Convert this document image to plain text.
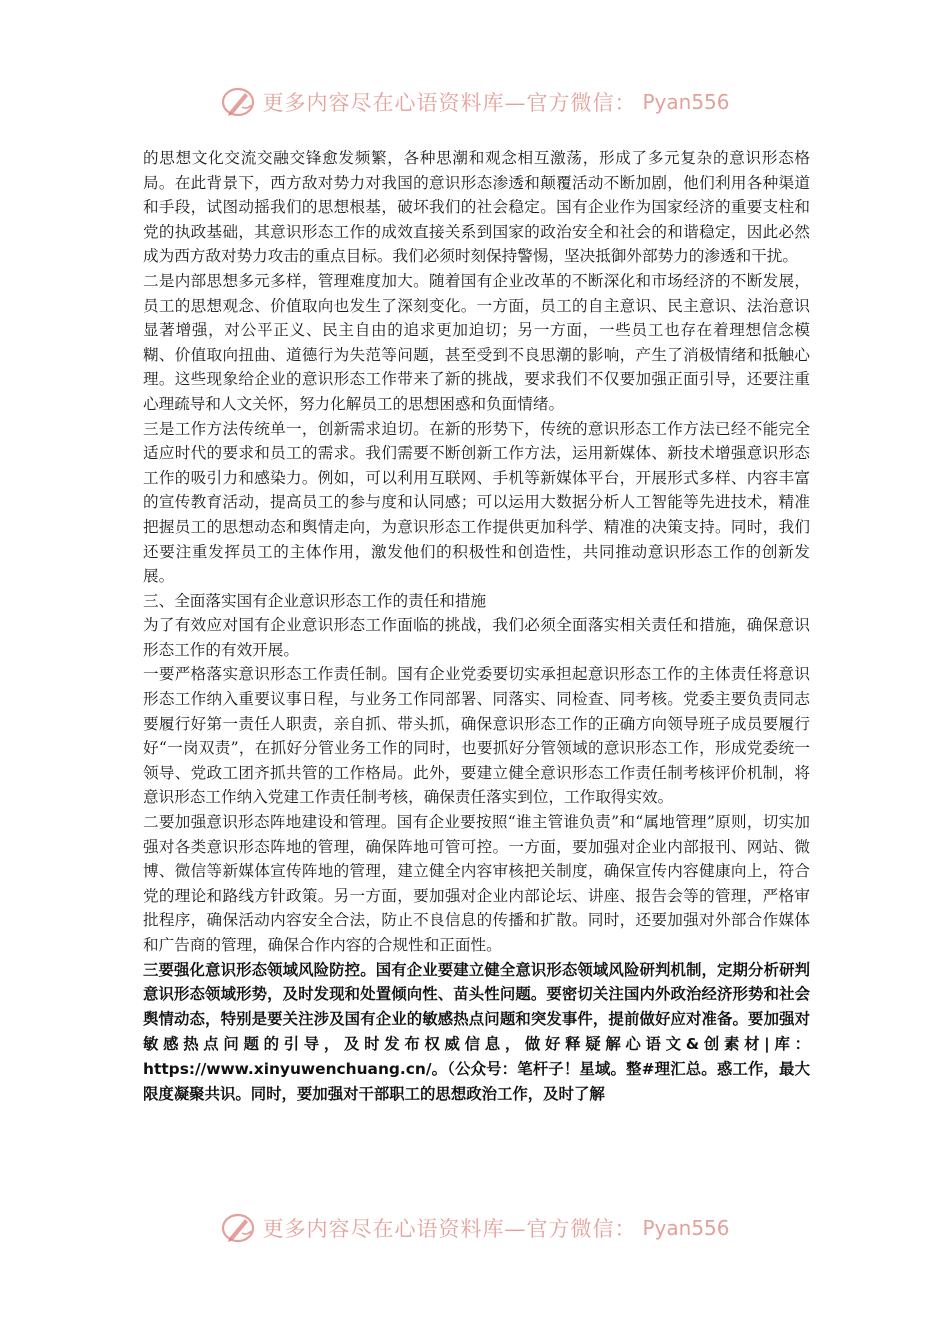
更多内容尽在心语资料库—官方微信： Pyan556

的思想文化交流交融交锋愈发频繁，各种思潮和观念相互激荡，形成了多元复杂的意识形态格局。在此背景下，西方敌对势力对我国的意识形态渗透和颠覆活动不断加剧，他们利用各种渠道和手段，试图动摇我们的思想根基，破坏我们的社会稳定。国有企业作为国家经济的重要支柱和党的执政基础，其意识形态工作的成效直接关系到国家的政治安全和社会的和谐稳定，因此必然成为西方敌对势力攻击的重点目标。我们必须时刻保持警惕，坚决抵御外部势力的渗透和干扰。

二是内部思想多元多样，管理难度加大。随着国有企业改革的不断深化和市场经济的不断发展，员工的思想观念、价值取向也发生了深刻变化。一方面，员工的自主意识、民主意识、法治意识显著增强，对公平正义、民主自由的追求更加迫切；另一方面，一些员工也存在着理想信念模糊、价值取向扭曲、道德行为失范等问题，甚至受到不良思潮的影响，产生了消极情绪和抵触心理。这些现象给企业的意识形态工作带来了新的挑战，要求我们不仅要加强正面引导，还要注重心理疏导和人文关怀，努力化解员工的思想困惑和负面情绪。

三是工作方法传统单一，创新需求迫切。在新的形势下，传统的意识形态工作方法已经不能完全适应时代的要求和员工的需求。我们需要不断创新工作方法，运用新媒体、新技术增强意识形态工作的吸引力和感染力。例如，可以利用互联网、手机等新媒体平台，开展形式多样、内容丰富的宣传教育活动，提高员工的参与度和认同感；可以运用大数据分析人工智能等先进技术，精准把握员工的思想动态和舆情走向，为意识形态工作提供更加科学、精准的决策支持。同时，我们还要注重发挥员工的主体作用，激发他们的积极性和创造性，共同推动意识形态工作的创新发展。

三、全面落实国有企业意识形态工作的责任和措施

为了有效应对国有企业意识形态工作面临的挑战，我们必须全面落实相关责任和措施，确保意识形态工作的有效开展。

一要严格落实意识形态工作责任制。国有企业党委要切实承担起意识形态工作的主体责任将意识形态工作纳入重要议事日程，与业务工作同部署、同落实、同检查、同考核。党委主要负责同志要履行好第一责任人职责，亲自抓、带头抓，确保意识形态工作的正确方向领导班子成员要履行好“一岗双责”，在抓好分管业务工作的同时，也要抓好分管领域的意识形态工作，形成党委统一领导、党政工团齐抓共管的工作格局。此外，要建立健全意识形态工作责任制考核评价机制，将意识形态工作纳入党建工作责任制考核，确保责任落实到位，工作取得实效。

二要加强意识形态阵地建设和管理。国有企业要按照“谁主管谁负责”和“属地管理”原则，切实加强对各类意识形态阵地的管理，确保阵地可管可控。一方面，要加强对企业内部报刊、网站、微博、微信等新媒体宣传阵地的管理，建立健全内容审核把关制度，确保宣传内容健康向上，符合党的理论和路线方针政策。另一方面，要加强对企业内部论坛、讲座、报告会等的管理，严格审批程序，确保活动内容安全合法，防止不良信息的传播和扩散。同时，还要加强对外部合作媒体和广告商的管理，确保合作内容的合规性和正面性。

三要强化意识形态领域风险防控。国有企业要建立健全意识形态领域风险研判机制，定期分析研判意识形态领域形势，及时发现和处置倾向性、苗头性问题。要密切关注国内外政治经济形势和社会舆情动态，特别是要关注涉及国有企业的敏感热点问题和突发事件，提前做好应对准备。要加强对敏感热点问题的引导，及时发布权威信息，做好释疑解心语文&创素材|库：https://www.xinyuwenchuang.cn/。（公众号：笔杆子！星域。整#理汇总。惑工作，最大限度凝聚共识。同时，要加强对干部职工的思想政治工作，及时了解

更多内容尽在心语资料库—官方微信： Pyan556
